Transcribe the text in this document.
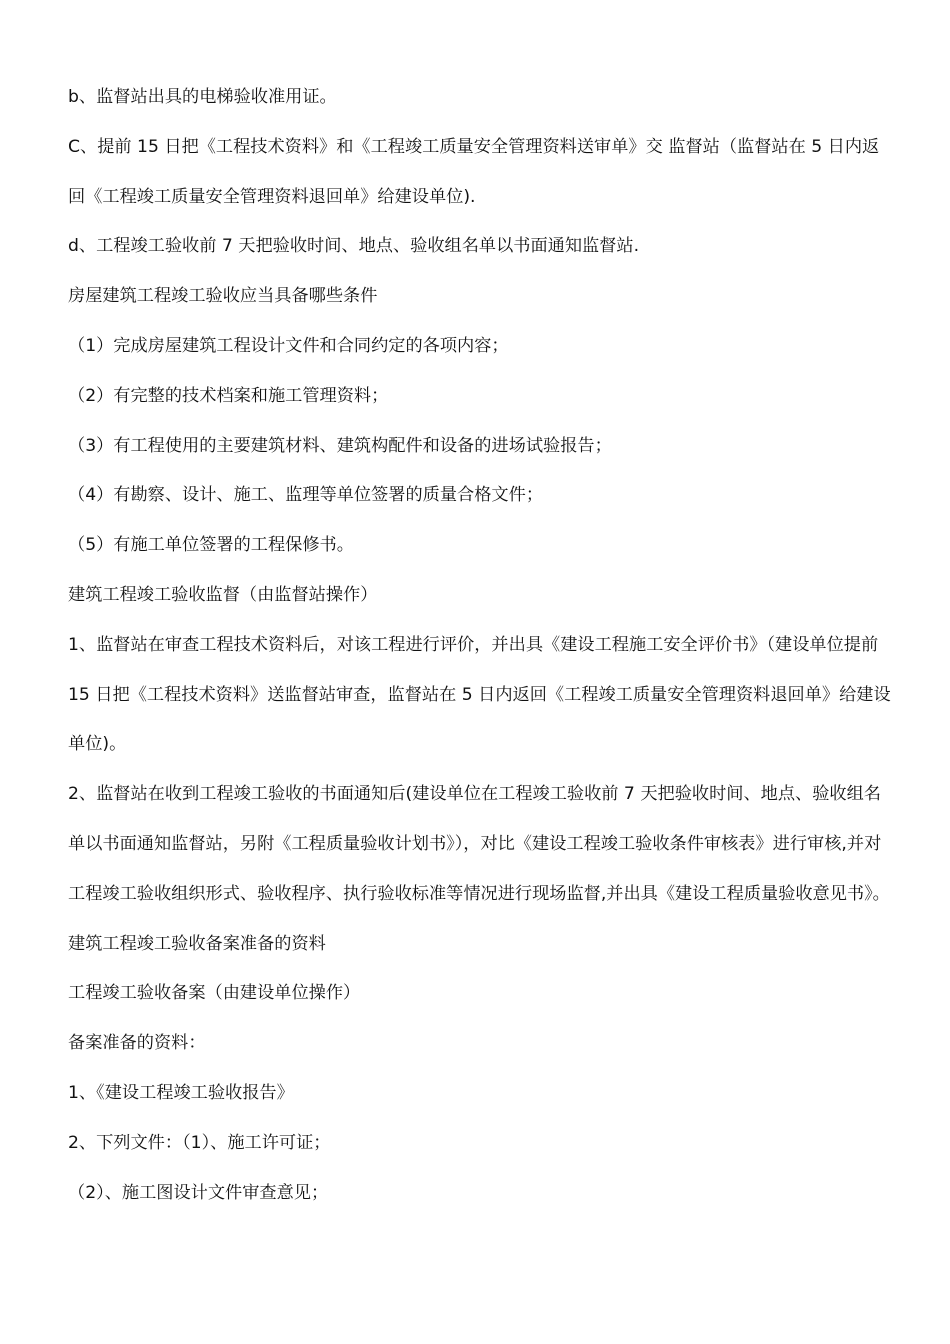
b、监督站出具的电梯验收准用证。

C、提前 15 日把《工程技术资料》和《工程竣工质量安全管理资料送审单》交 监督站（监督站在 5 日内返回《工程竣工质量安全管理资料退回单》给建设单位).

d、工程竣工验收前 7 天把验收时间、地点、验收组名单以书面通知监督站.

房屋建筑工程竣工验收应当具备哪些条件

（1）完成房屋建筑工程设计文件和合同约定的各项内容；

（2）有完整的技术档案和施工管理资料；

（3）有工程使用的主要建筑材料、建筑构配件和设备的进场试验报告；

（4）有勘察、设计、施工、监理等单位签署的质量合格文件；

（5）有施工单位签署的工程保修书。

建筑工程竣工验收监督（由监督站操作）

1、监督站在审查工程技术资料后，对该工程进行评价，并出具《建设工程施工安全评价书》（建设单位提前 15 日把《工程技术资料》送监督站审查，监督站在 5 日内返回《工程竣工质量安全管理资料退回单》给建设单位)。

2、监督站在收到工程竣工验收的书面通知后(建设单位在工程竣工验收前 7 天把验收时间、地点、验收组名单以书面通知监督站，另附《工程质量验收计划书》），对比《建设工程竣工验收条件审核表》进行审核,并对工程竣工验收组织形式、验收程序、执行验收标准等情况进行现场监督,并出具《建设工程质量验收意见书》。

建筑工程竣工验收备案准备的资料

工程竣工验收备案（由建设单位操作）

备案准备的资料：

1、《建设工程竣工验收报告》

2、下列文件：（1）、施工许可证；

（2）、施工图设计文件审查意见；
